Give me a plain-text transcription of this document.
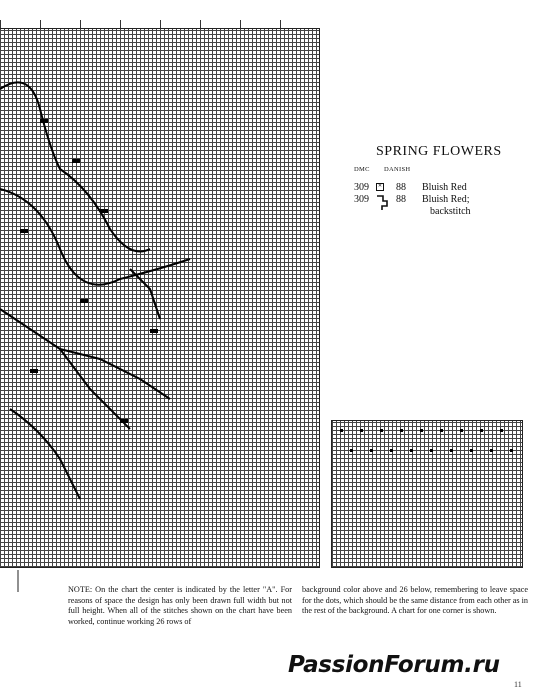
SPRING FLOWERS
DMC DANISH
309	✕ 88 Bluish Red
309	88 Bluish Red;
backstitch
NOTE: On the chart the center is indicated by the letter "A". For reasons of space the design has only been drawn full width but not full height. When all of the stitches shown on the chart have been worked, continue working 26 rows of
background color above and 26 below, remembering to leave space for the dots, which should be the same distance from each other as in the rest of the background. A chart for one corner is shown.
PassionForum.ru
11
